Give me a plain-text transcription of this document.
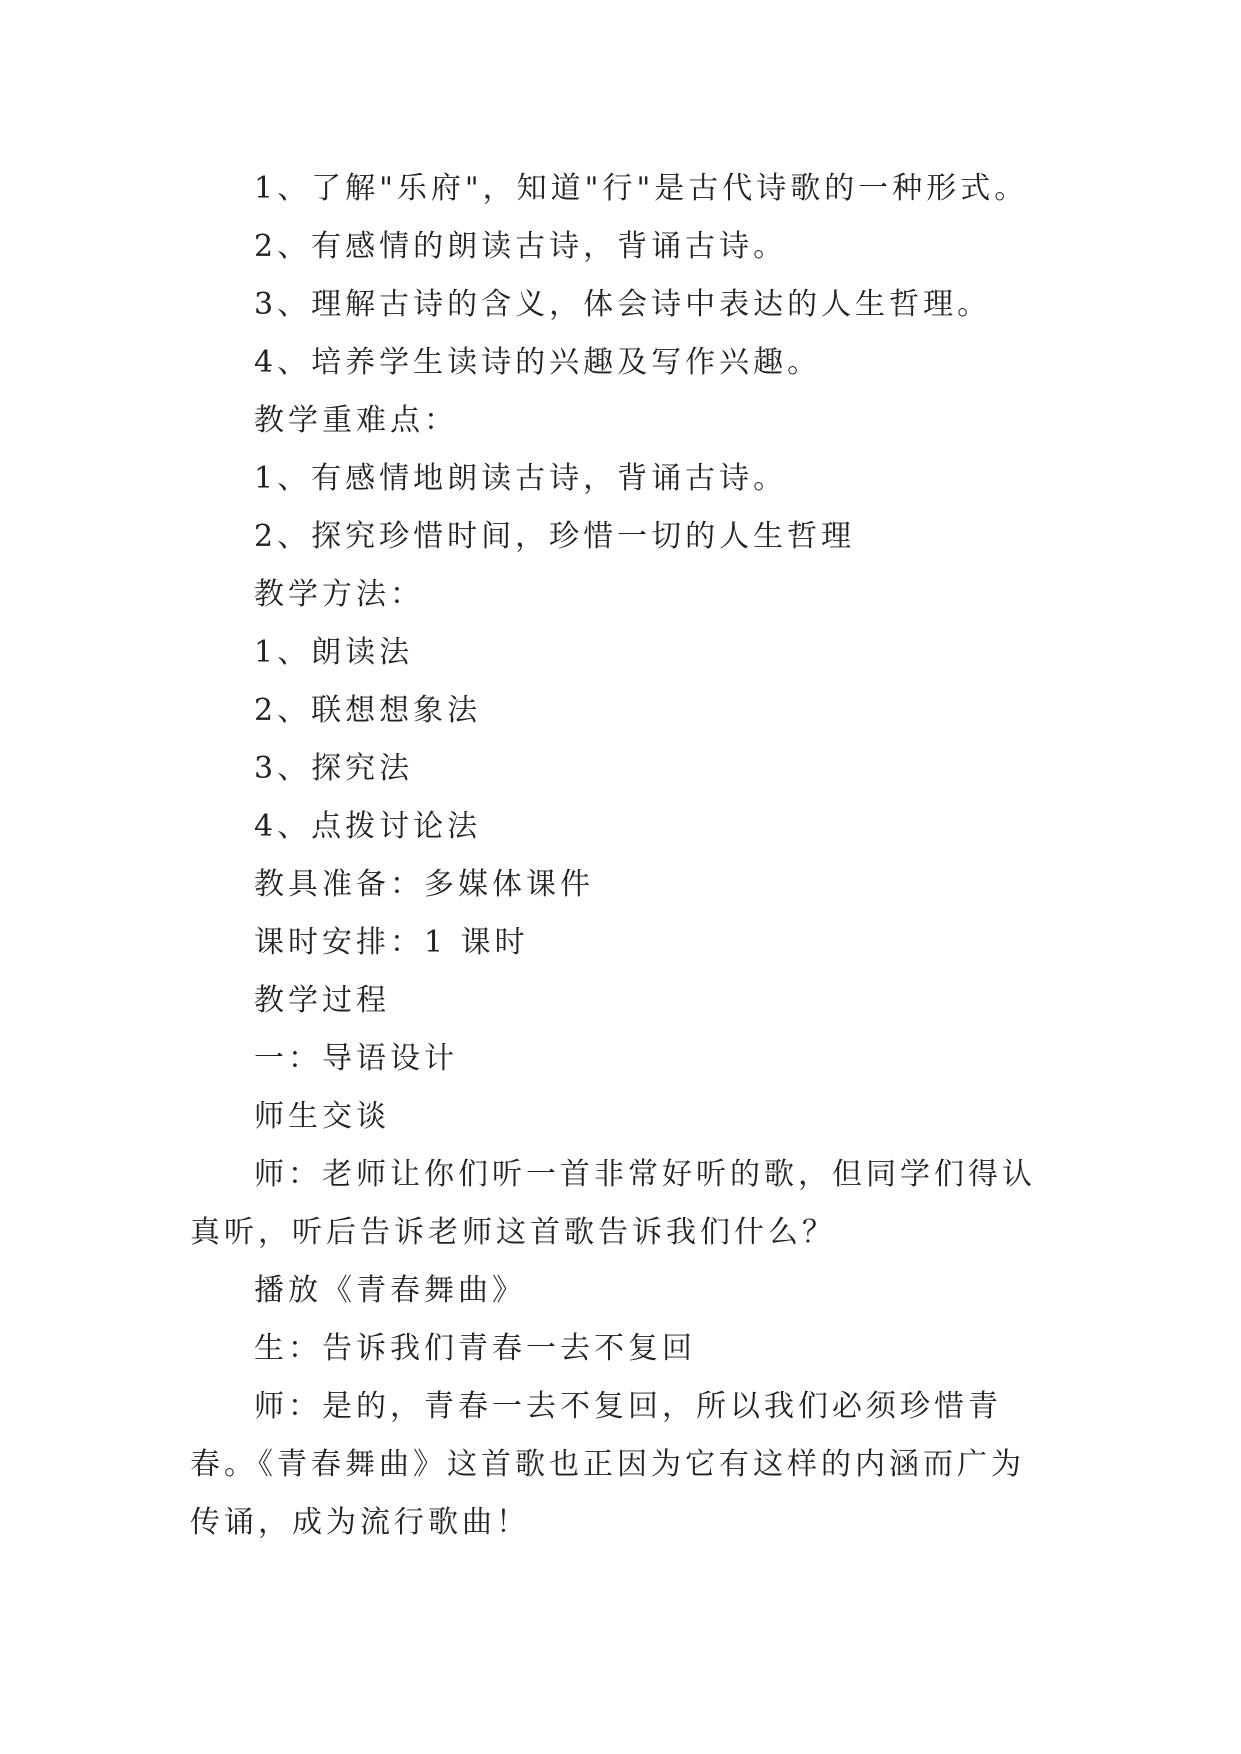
1、了解"乐府"，知道"行"是古代诗歌的一种形式。

2、有感情的朗读古诗，背诵古诗。

3、理解古诗的含义，体会诗中表达的人生哲理。

4、培养学生读诗的兴趣及写作兴趣。

教学重难点：

1、有感情地朗读古诗，背诵古诗。

2、探究珍惜时间，珍惜一切的人生哲理

教学方法：

1、朗读法

2、联想想象法

3、探究法

4、点拨讨论法

教具准备：多媒体课件

课时安排：1 课时

教学过程

一：导语设计

师生交谈

师：老师让你们听一首非常好听的歌，但同学们得认真听，听后告诉老师这首歌告诉我们什么？

播放《青春舞曲》

生：告诉我们青春一去不复回

师：是的，青春一去不复回，所以我们必须珍惜青春。《青春舞曲》这首歌也正因为它有这样的内涵而广为传诵，成为流行歌曲！
